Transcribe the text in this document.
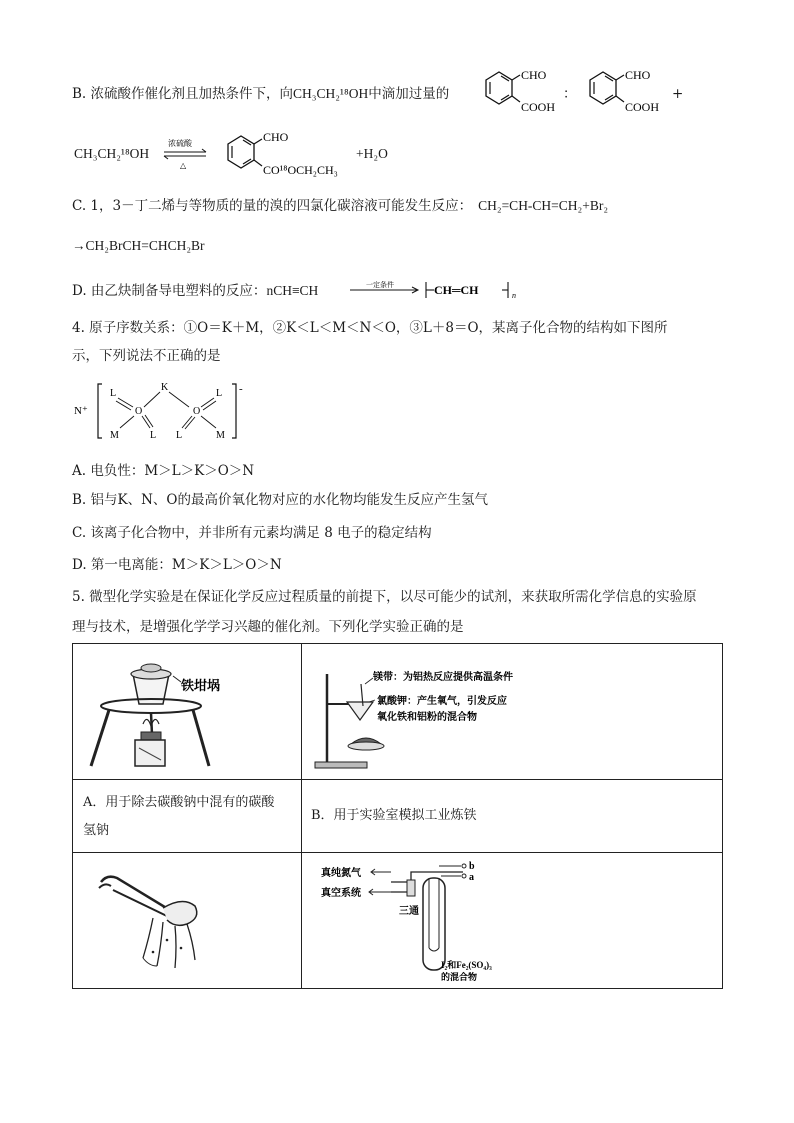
B. 浓硫酸作催化剂且加热条件下，向CH₃CH₂¹⁸OH中滴加过量的
CHO
COOH
：
CHO
COOH
+
CH₃CH₂¹⁸OH
浓硫酸
△
CHO
CO¹⁸OCH₂CH₃
+H₂O
C. 1，3－丁二烯与等物质的量的溴的四氯化碳溶液可能发生反应： CH₂=CH-CH=CH₂+Br₂
→CH₂BrCH=CHCH₂Br
D. 由乙炔制备导电塑料的反应：nCH≡CH	一定条件	CH═CH	n
4. 原子序数关系：①O＝K＋M，②K＜L＜M＜N＜O，③L＋8＝O，某离子化合物的结构如下图所
示，下列说法不正确的是
N⁺
-
L
O
M	L
K
O
L
L	M
A. 电负性：M＞L＞K＞O＞N
B. 铝与K、N、O的最高价氧化物对应的水化物均能发生反应产生氢气
C. 该离子化合物中，并非所有元素均满足 8 电子的稳定结构
D. 第一电离能：M＞K＞L＞O＞N
5. 微型化学实验是在保证化学反应过程质量的前提下，以尽可能少的试剂，来获取所需化学信息的实验原
理与技术，是增强化学学习兴趣的催化剂。下列化学实验正确的是
铁坩埚
镁带：为铝热反应提供高温条件
氯酸钾：产生氧气，引发反应
氧化铁和铝粉的混合物
A．用于除去碳酸钠中混有的碳酸
氢钠
B．用于实验室模拟工业炼铁
真纯氮气
真空系统
三通
b
a
I₂和Fe₂(SO₄)₃
的混合物
